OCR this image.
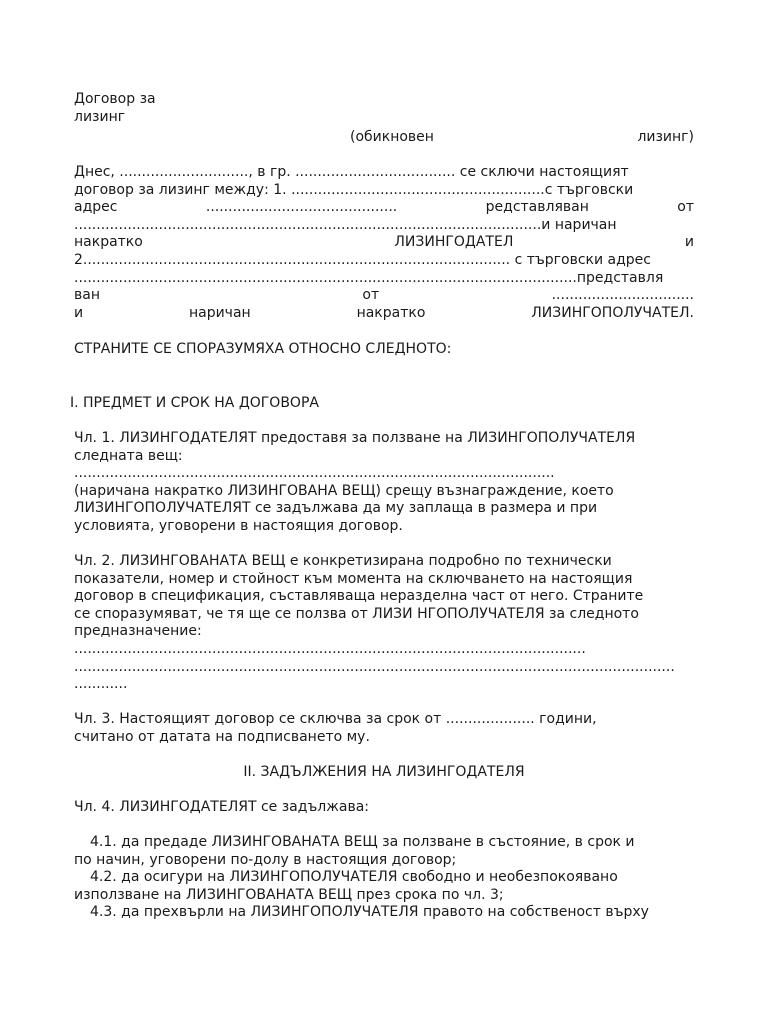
Договор за
лизинг
(обикновен	лизинг)
Днес, ............................., в гр. .................................... се сключи настоящият
договор за лизинг между: 1. .........................................................с търговски
адрес	...........................................	редставляван	от
.........................................................................................................и наричан
накратко	ЛИЗИНГОДАТЕЛ	и
2................................................................................................ с търговски адрес
.................................................................................................................представля
ван	от	................................
и	наричан	накратко	ЛИЗИНГОПОЛУЧАТЕЛ.
СТРАНИТЕ СЕ СПОРАЗУМЯХА ОТНОСНО СЛЕДНОТО:
I. ПРЕДМЕТ И СРОК НА ДОГОВОРА
Чл. 1. ЛИЗИНГОДАТЕЛЯТ предоставя за ползване на ЛИЗИНГОПОЛУЧАТЕЛЯ
следната вещ:
............................................................................................................
(наричана накратко ЛИЗИНГОВАНА ВЕЩ) срещу възнаграждение, което
ЛИЗИНГОПОЛУЧАТЕЛЯТ се задължава да му заплаща в размера и при
условията, уговорени в настоящия договор.
Чл. 2. ЛИЗИНГОВАНАТА ВЕЩ е конкретизирана подробно по технически
показатели, номер и стойност към момента на сключването на настоящия
договор в спецификация, съставляваща неразделна част от него. Страните
се споразумяват, че тя ще се ползва от ЛИЗИ НГОПОЛУЧАТЕЛЯ за следното
предназначение:
...................................................................................................................
.......................................................................................................................................
............
Чл. 3. Настоящият договор се сключва за срок от .................... години,
считано от датата на подписването му.
II. ЗАДЪЛЖЕНИЯ НА ЛИЗИНГОДАТЕЛЯ
Чл. 4. ЛИЗИНГОДАТЕЛЯТ се задължава:
4.1. да предаде ЛИЗИНГОВАНАТА ВЕЩ за ползване в състояние, в срок и
по начин, уговорени по-долу в настоящия договор;
4.2. да осигури на ЛИЗИНГОПОЛУЧАТЕЛЯ свободно и необезпокоявано
използване на ЛИЗИНГОВАНАТА ВЕЩ през срока по чл. 3;
4.3. да прехвърли на ЛИЗИНГОПОЛУЧАТЕЛЯ правото на собственост върху
